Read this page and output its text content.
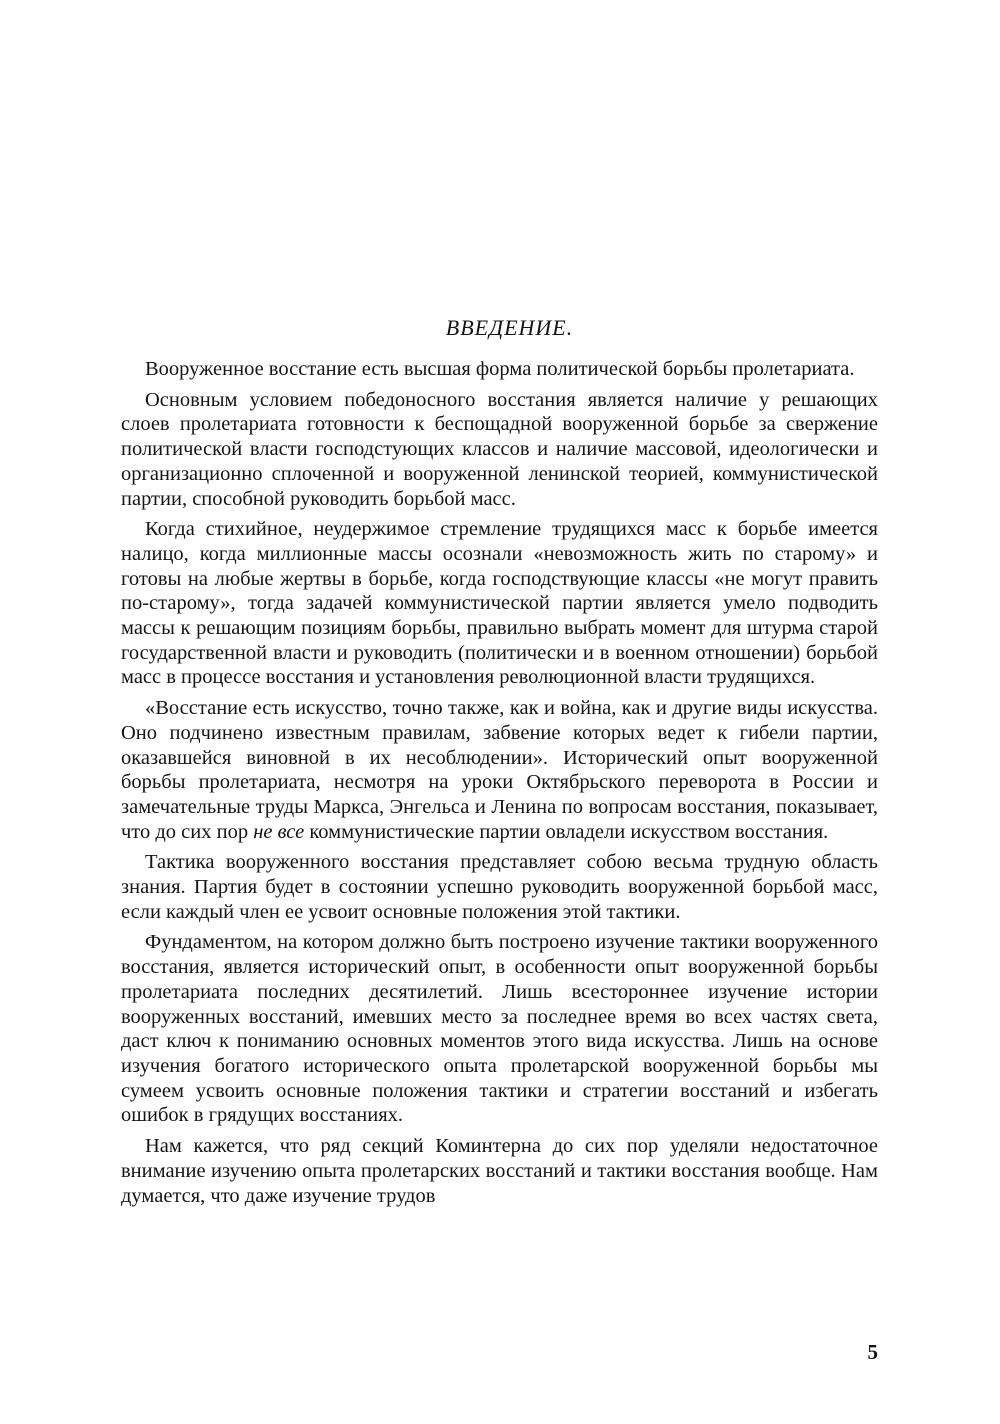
ВВЕДЕНИЕ.

Вооруженное восстание есть высшая форма политической борьбы пролетариата.

Основным условием победоносного восстания является наличие у решающих слоев пролетариата готовности к беспощадной вооруженной борьбе за свержение политической власти господстующих классов и наличие массовой, идеологически и организационно сплоченной и вооруженной ленинской теорией, коммунистической партии, способной руководить борьбой масс.

Когда стихийное, неудержимое стремление трудящихся масс к борьбе имеется налицо, когда миллионные массы осознали «невозможность жить по старому» и готовы на любые жертвы в борьбе, когда господствующие классы «не могут править по-старому», тогда задачей коммунистической партии является умело подводить массы к решающим позициям борьбы, правильно выбрать момент для штурма старой государственной власти и руководить (политически и в военном отношении) борьбой масс в процессе восстания и установления революционной власти трудящихся.

«Восстание есть искусство, точно также, как и война, как и другие виды искусства. Оно подчинено известным правилам, забвение которых ведет к гибели партии, оказавшейся виновной в их несоблюдении». Исторический опыт вооруженной борьбы пролетариата, несмотря на уроки Октябрьского переворота в России и замечательные труды Маркса, Энгельса и Ленина по вопросам восстания, показывает, что до сих пор не все коммунистические партии овладели искусством восстания.

Тактика вооруженного восстания представляет собою весьма трудную область знания. Партия будет в состоянии успешно руководить вооруженной борьбой масс, если каждый член ее усвоит основные положения этой тактики.

Фундаментом, на котором должно быть построено изучение тактики вооруженного восстания, является исторический опыт, в особенности опыт вооруженной борьбы пролетариата последних десятилетий. Лишь всестороннее изучение истории вооруженных восстаний, имевших место за последнее время во всех частях света, даст ключ к пониманию основных моментов этого вида искусства. Лишь на основе изучения богатого исторического опыта пролетарской вооруженной борьбы мы сумеем усвоить основные положения тактики и стратегии восстаний и избегать ошибок в грядущих восстаниях.

Нам кажется, что ряд секций Коминтерна до сих пор уделяли недостаточное внимание изучению опыта пролетарских восстаний и тактики восстания вообще. Нам думается, что даже изучение трудов

5
